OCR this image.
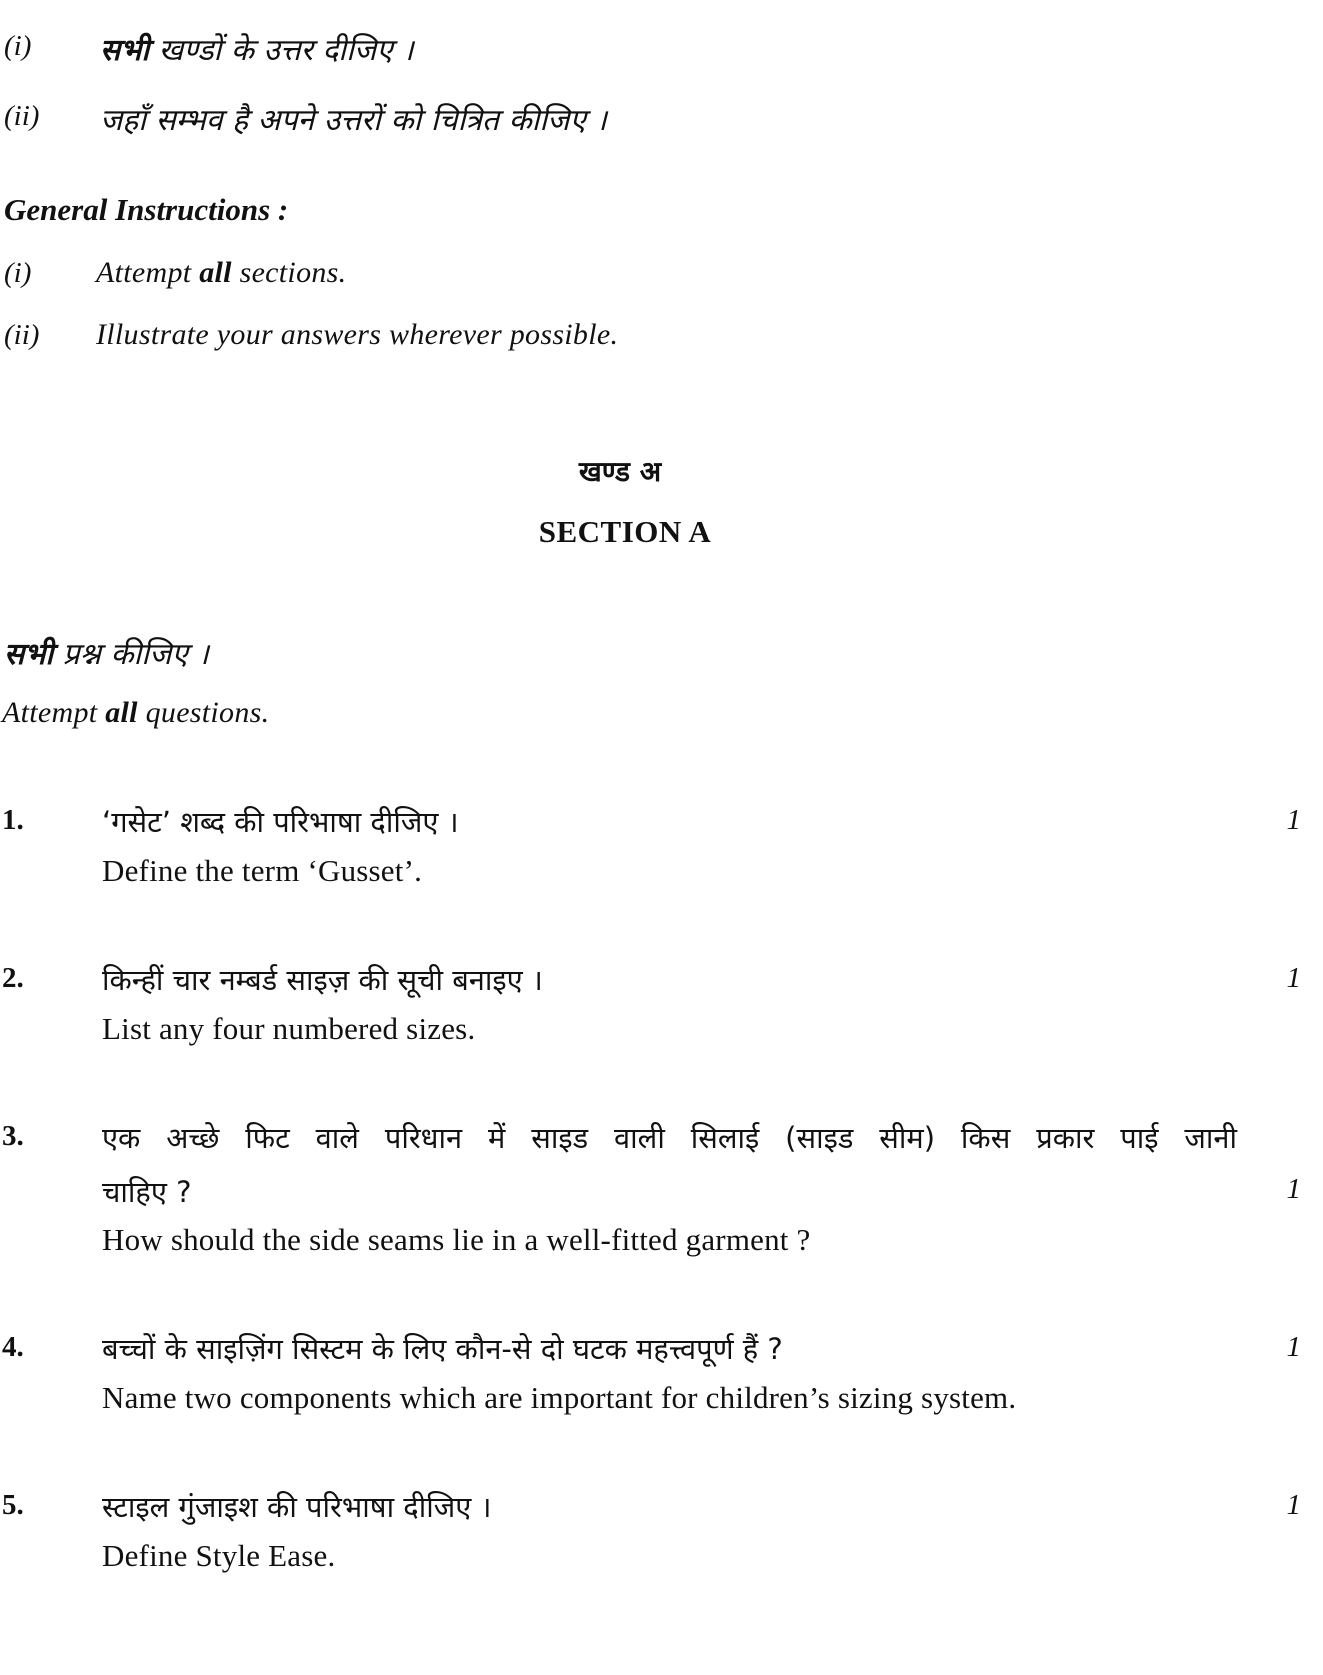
(i) सभी खण्डों के उत्तर दीजिए ।
(ii) जहाँ सम्भव है अपने उत्तरों को चित्रित कीजिए ।
General Instructions :
(i) Attempt all sections.
(ii) Illustrate your answers wherever possible.
खण्ड अ
SECTION A
सभी प्रश्न कीजिए ।
Attempt all questions.
1.	‘गसेट’ शब्द की परिभाषा दीजिए ।	1
Define the term ‘Gusset’.
2.	किन्हीं चार नम्बर्ड साइज़ की सूची बनाइए ।	1
List any four numbered sizes.
3.	एक अच्छे फिट वाले परिधान में साइड वाली सिलाई (साइड सीम) किस प्रकार पाई जानी
चाहिए ?	1
How should the side seams lie in a well-fitted garment ?
4.	बच्चों के साइज़िंग सिस्टम के लिए कौन-से दो घटक महत्त्वपूर्ण हैं ?	1
Name two components which are important for children’s sizing system.
5.	स्टाइल गुंजाइश की परिभाषा दीजिए ।	1
Define Style Ease.
